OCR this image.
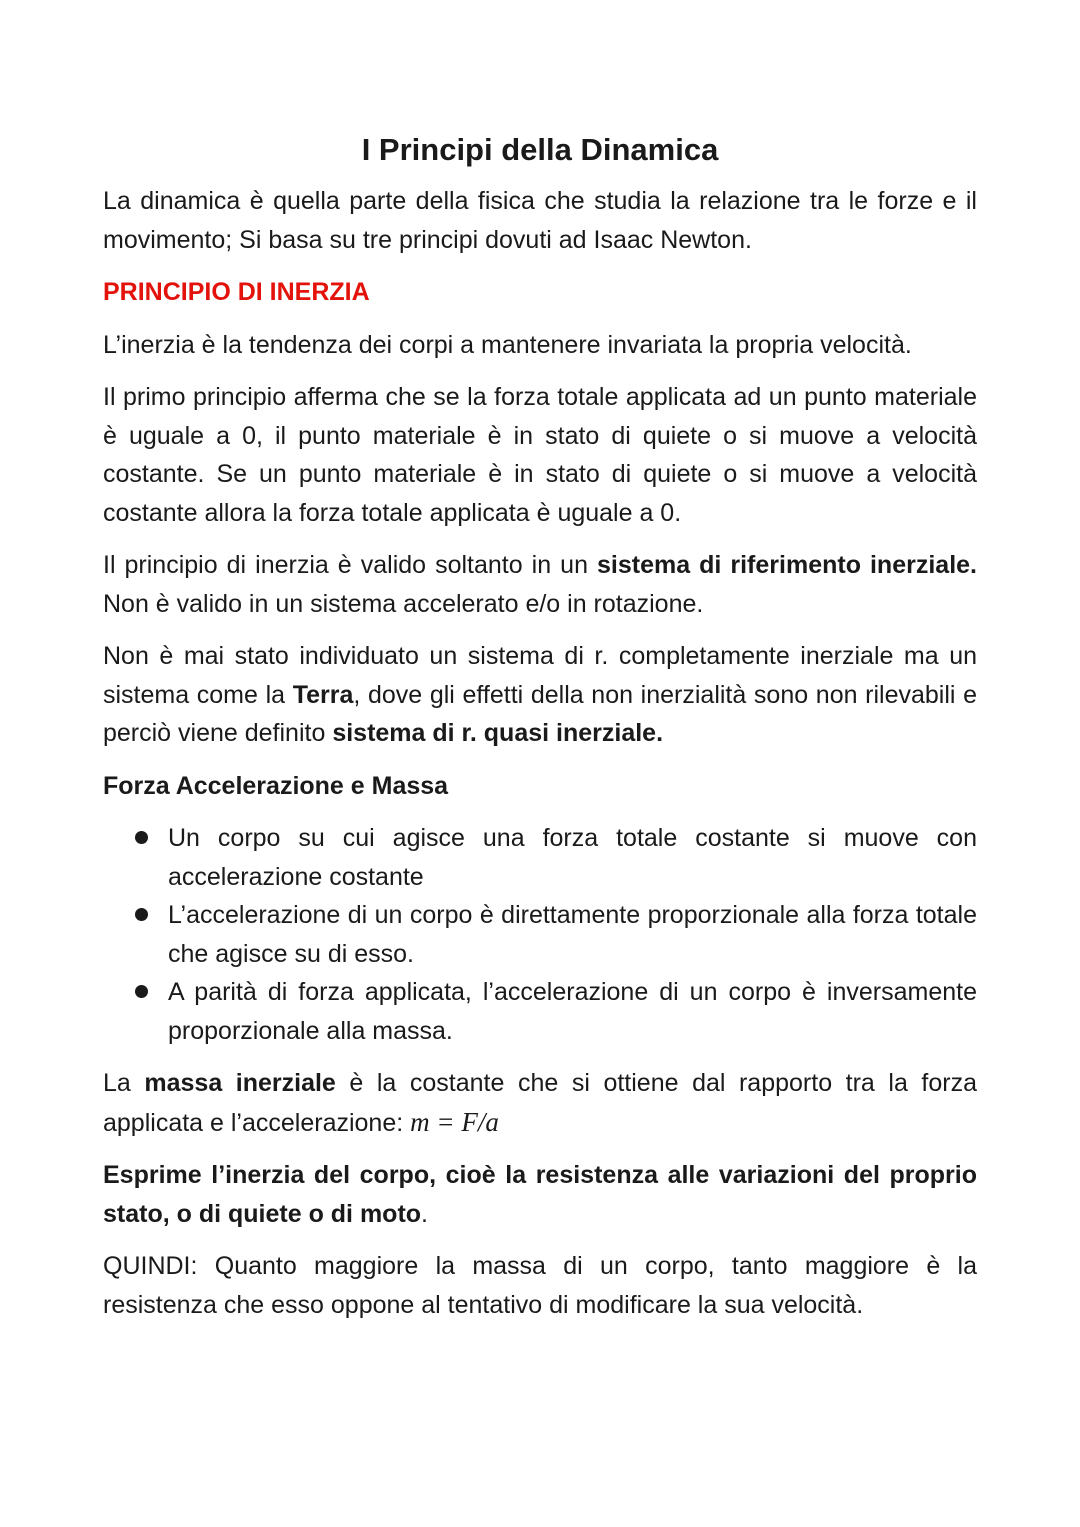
I Principi della Dinamica

La dinamica è quella parte della fisica che studia la relazione tra le forze e il movimento; Si basa su tre principi dovuti ad Isaac Newton.

PRINCIPIO DI INERZIA

L’inerzia è la tendenza dei corpi a mantenere invariata la propria velocità.

Il primo principio afferma che se la forza totale applicata ad un punto materiale è uguale a 0, il punto materiale è in stato di quiete o si muove a velocità costante. Se un punto materiale è in stato di quiete o si muove a velocità costante allora la forza totale applicata è uguale a 0.

Il principio di inerzia è valido soltanto in un sistema di riferimento inerziale. Non è valido in un sistema accelerato e/o in rotazione.

Non è mai stato individuato un sistema di r. completamente inerziale ma un sistema come la Terra, dove gli effetti della non inerzialità sono non rilevabili e perciò viene definito sistema di r. quasi inerziale.

Forza Accelerazione e Massa
Un corpo su cui agisce una forza totale costante si muove con accelerazione costante
L’accelerazione di un corpo è direttamente proporzionale alla forza totale che agisce su di esso.
A parità di forza applicata, l’accelerazione di un corpo è inversamente proporzionale alla massa.

La massa inerziale è la costante che si ottiene dal rapporto tra la forza applicata e l’accelerazione: m = F/a

Esprime l’inerzia del corpo, cioè la resistenza alle variazioni del proprio stato, o di quiete o di moto.

QUINDI: Quanto maggiore la massa di un corpo, tanto maggiore è la resistenza che esso oppone al tentativo di modificare la sua velocità.
